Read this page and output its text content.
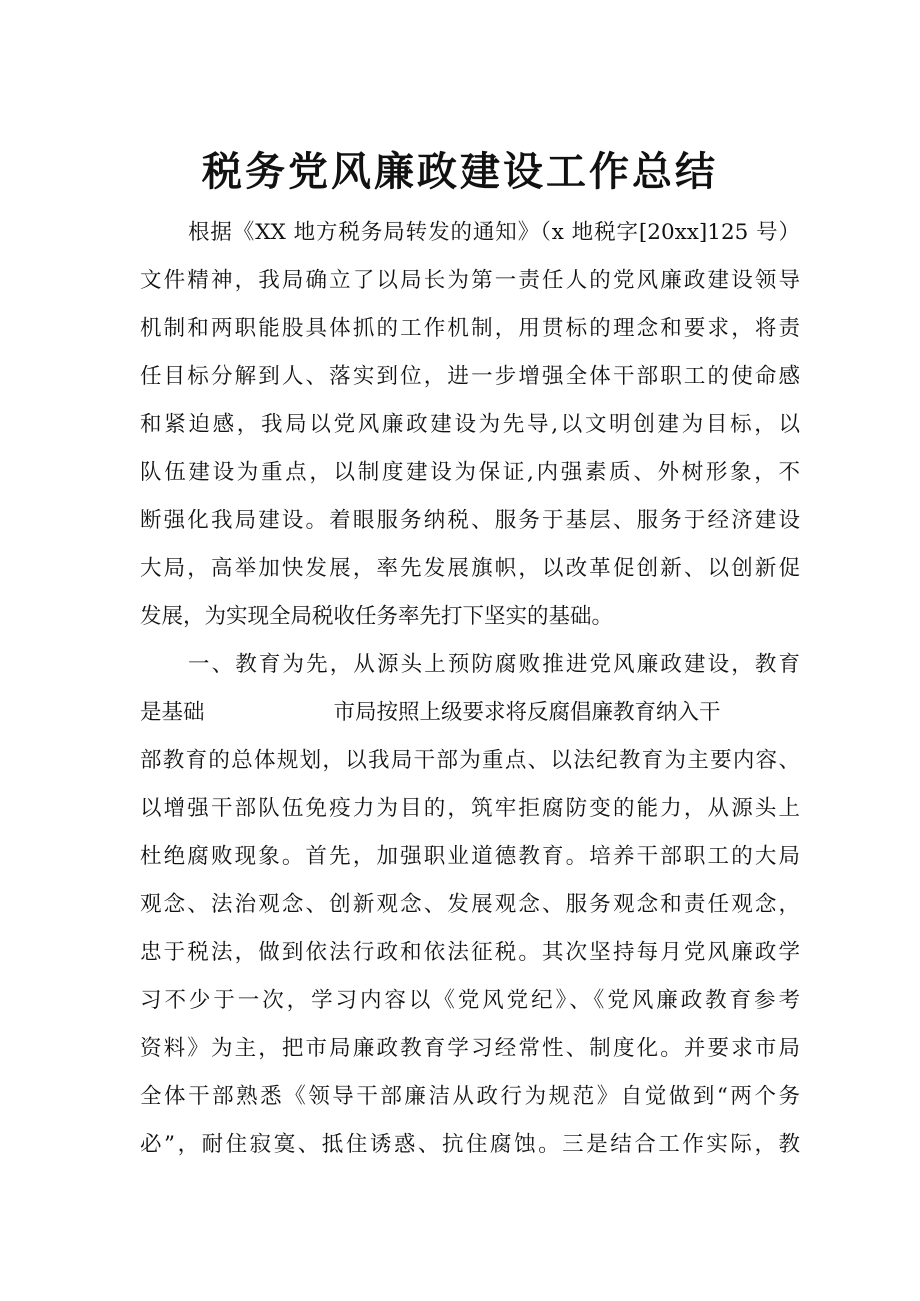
税务党风廉政建设工作总结
根据《XX 地方税务局转发的通知》（x 地税字[20xx]125 号）
文件精神，我局确立了以局长为第一责任人的党风廉政建设领导
机制和两职能股具体抓的工作机制，用贯标的理念和要求，将责
任目标分解到人、落实到位，进一步增强全体干部职工的使命感
和紧迫感，我局以党风廉政建设为先导,以文明创建为目标，以
队伍建设为重点，以制度建设为保证,内强素质、外树形象，不
断强化我局建设。着眼服务纳税、服务于基层、服务于经济建设
大局，高举加快发展，率先发展旗帜，以改革促创新、以创新促
发展，为实现全局税收任务率先打下坚实的基础。
一、教育为先，从源头上预防腐败推进党风廉政建设，教育
是基础　　　　　　市局按照上级要求将反腐倡廉教育纳入干
部教育的总体规划，以我局干部为重点、以法纪教育为主要内容、
以增强干部队伍免疫力为目的，筑牢拒腐防变的能力，从源头上
杜绝腐败现象。首先，加强职业道德教育。培养干部职工的大局
观念、法治观念、创新观念、发展观念、服务观念和责任观念，
忠于税法，做到依法行政和依法征税。其次坚持每月党风廉政学
习不少于一次，学习内容以《党风党纪》、《党风廉政教育参考
资料》为主，把市局廉政教育学习经常性、制度化。并要求市局
全体干部熟悉《领导干部廉洁从政行为规范》自觉做到“两个务
必”，耐住寂寞、抵住诱惑、抗住腐蚀。三是结合工作实际，教
